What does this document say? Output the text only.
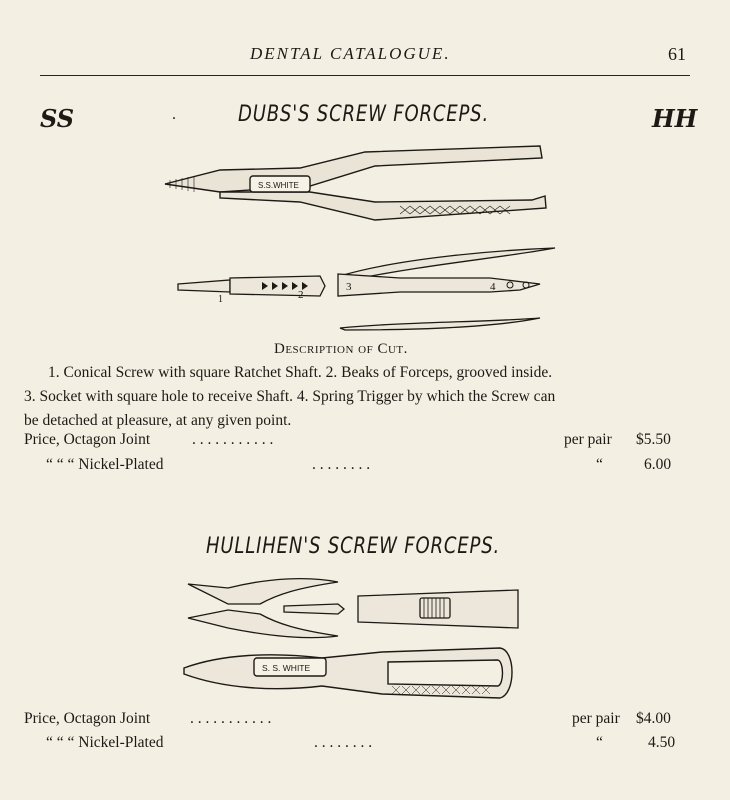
DENTAL CATALOGUE.	61
SS	.	HH
DUBS'S SCREW FORCEPS.
S.S.WHITE
1	2
3	4
Description of Cut.
1. Conical Screw with square Ratchet Shaft. 2. Beaks of Forceps, grooved inside.
3. Socket with square hole to receive Shaft. 4. Spring Trigger by which the Screw can
be detached at pleasure, at any given point.
Price, Octagon Joint	. . . . . . . . . . .	per pair $5.50
“ “ “ Nickel-Plated	. . . . . . . .	“	6.00
HULLIHEN'S SCREW FORCEPS.
S. S. WHITE
Price, Octagon Joint	. . . . . . . . . . .	per pair $4.00
“ “ “ Nickel-Plated	. . . . . . . .	“	4.50
